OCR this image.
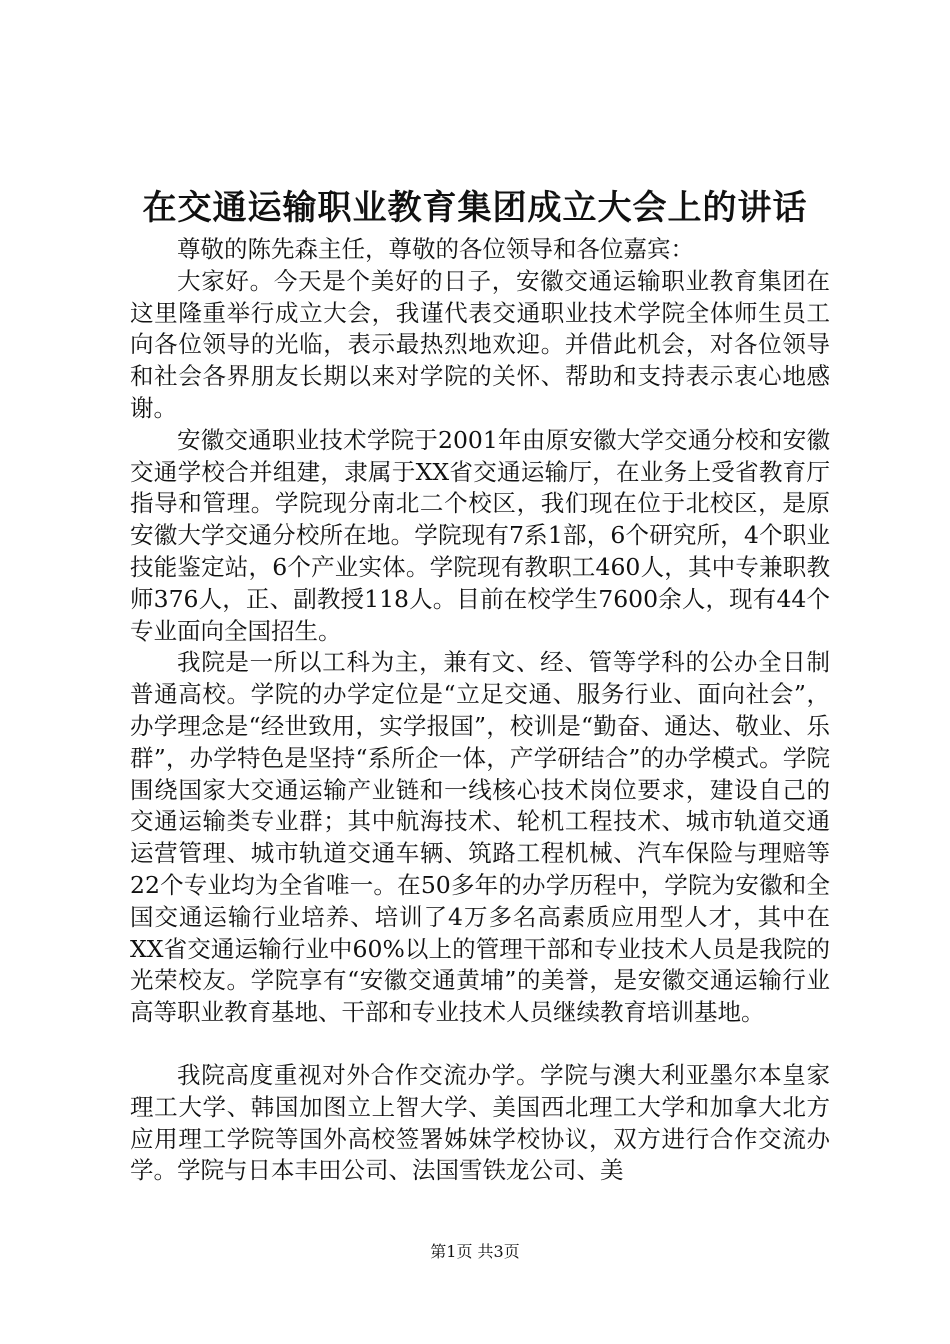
在交通运输职业教育集团成立大会上的讲话

尊敬的陈先森主任，尊敬的各位领导和各位嘉宾：

大家好。今天是个美好的日子，安徽交通运输职业教育集团在这里隆重举行成立大会，我谨代表交通职业技术学院全体师生员工向各位领导的光临，表示最热烈地欢迎。并借此机会，对各位领导和社会各界朋友长期以来对学院的关怀、帮助和支持表示衷心地感谢。

安徽交通职业技术学院于2001年由原安徽大学交通分校和安徽交通学校合并组建，隶属于XX省交通运输厅，在业务上受省教育厅指导和管理。学院现分南北二个校区，我们现在位于北校区，是原安徽大学交通分校所在地。学院现有7系1部，6个研究所，4个职业技能鉴定站，6个产业实体。学院现有教职工460人，其中专兼职教师376人，正、副教授118人。目前在校学生7600余人，现有44个专业面向全国招生。

我院是一所以工科为主，兼有文、经、管等学科的公办全日制普通高校。学院的办学定位是“立足交通、服务行业、面向社会”，办学理念是“经世致用，实学报国”，校训是“勤奋、通达、敬业、乐群”，办学特色是坚持“系所企一体，产学研结合”的办学模式。学院围绕国家大交通运输产业链和一线核心技术岗位要求，建设自己的交通运输类专业群；其中航海技术、轮机工程技术、城市轨道交通运营管理、城市轨道交通车辆、筑路工程机械、汽车保险与理赔等22个专业均为全省唯一。在50多年的办学历程中，学院为安徽和全国交通运输行业培养、培训了4万多名高素质应用型人才，其中在XX省交通运输行业中60%以上的管理干部和专业技术人员是我院的光荣校友。学院享有“安徽交通黄埔”的美誉，是安徽交通运输行业高等职业教育基地、干部和专业技术人员继续教育培训基地。

我院高度重视对外合作交流办学。学院与澳大利亚墨尔本皇家理工大学、韩国加图立上智大学、美国西北理工大学和加拿大北方应用理工学院等国外高校签署姊妹学校协议，双方进行合作交流办学。学院与日本丰田公司、法国雪铁龙公司、美

第1页 共3页
